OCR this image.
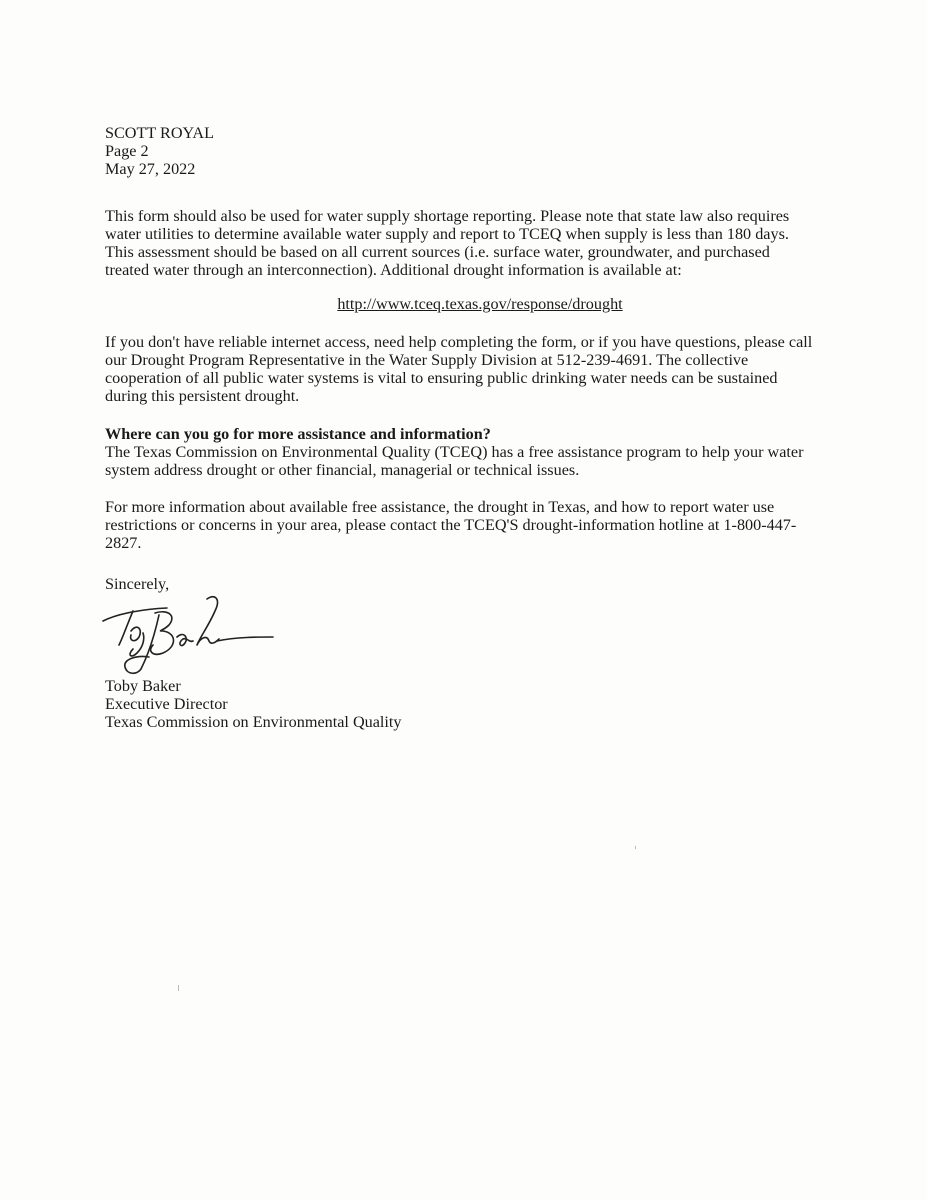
SCOTT ROYAL
Page 2
May 27, 2022

This form should also be used for water supply shortage reporting. Please note that state law also requires water utilities to determine available water supply and report to TCEQ when supply is less than 180 days. This assessment should be based on all current sources (i.e. surface water, groundwater, and purchased treated water through an interconnection). Additional drought information is available at:

http://www.tceq.texas.gov/response/drought

If you don't have reliable internet access, need help completing the form, or if you have questions, please call our Drought Program Representative in the Water Supply Division at 512-239-4691. The collective cooperation of all public water systems is vital to ensuring public drinking water needs can be sustained during this persistent drought.

Where can you go for more assistance and information?

The Texas Commission on Environmental Quality (TCEQ) has a free assistance program to help your water system address drought or other financial, managerial or technical issues.

For more information about available free assistance, the drought in Texas, and how to report water use restrictions or concerns in your area, please contact the TCEQ'S drought-information hotline at 1-800-447-2827.

Sincerely,
Toby Baker
Executive Director
Texas Commission on Environmental Quality
